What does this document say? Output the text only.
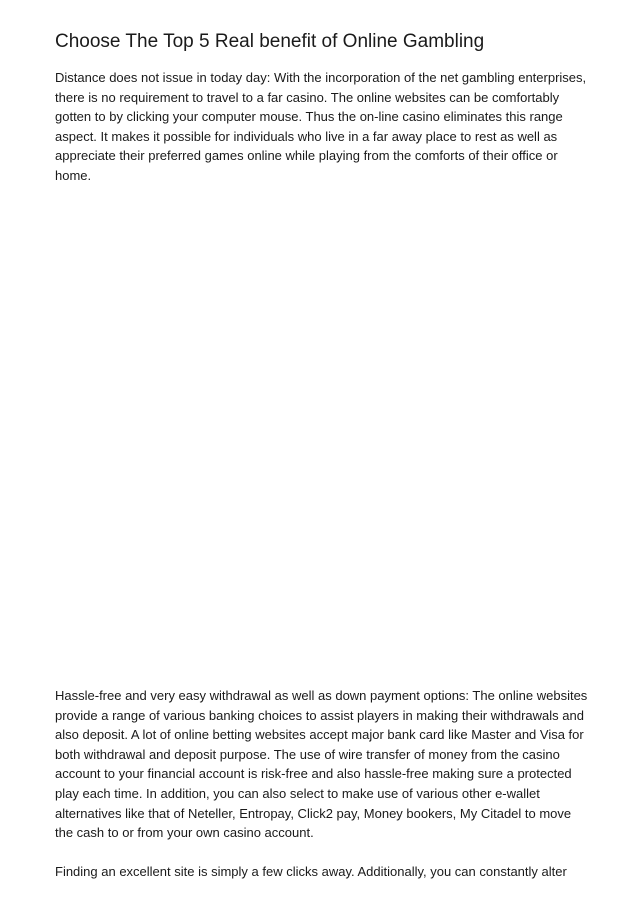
Choose The Top 5 Real benefit of Online Gambling

Distance does not issue in today day: With the incorporation of the net gambling enterprises,
there is no requirement to travel to a far casino. The online websites can be comfortably
gotten to by clicking your computer mouse. Thus the on-line casino eliminates this range
aspect. It makes it possible for individuals who live in a far away place to rest as well as
appreciate their preferred games online while playing from the comforts of their office or
home.

Hassle-free and very easy withdrawal as well as down payment options: The online websites
provide a range of various banking choices to assist players in making their withdrawals and
also deposit. A lot of online betting websites accept major bank card like Master and Visa for
both withdrawal and deposit purpose. The use of wire transfer of money from the casino
account to your financial account is risk-free and also hassle-free making sure a protected
play each time. In addition, you can also select to make use of various other e-wallet
alternatives like that of Neteller, Entropay, Click2 pay, Money bookers, My Citadel to move
the cash to or from your own casino account.

Finding an excellent site is simply a few clicks away. Additionally, you can constantly alter
